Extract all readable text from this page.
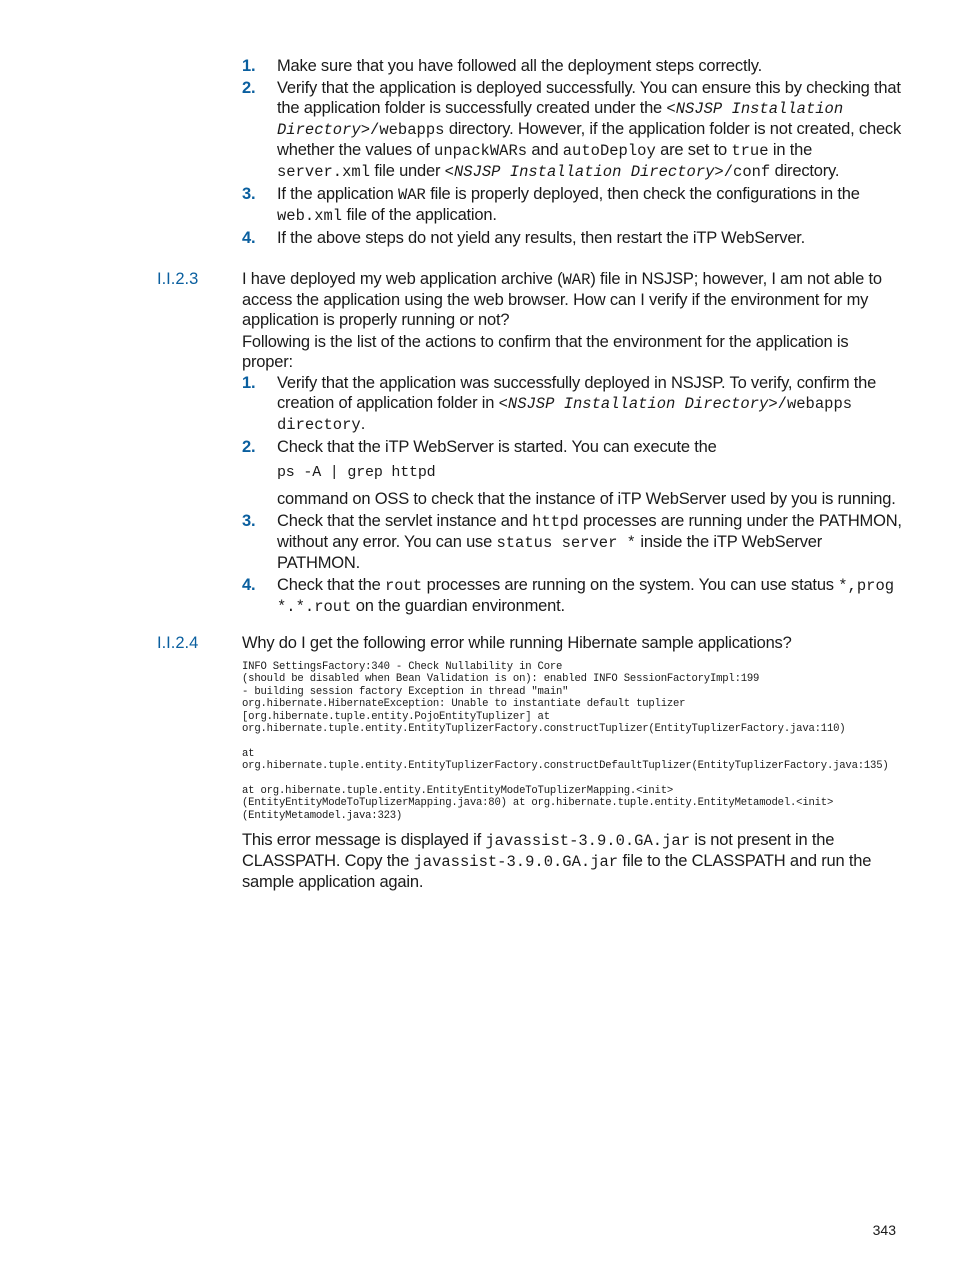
1. Make sure that you have followed all the deployment steps correctly.
2. Verify that the application is deployed successfully. You can ensure this by checking that the application folder is successfully created under the <NSJSP Installation Directory>/webapps directory. However, if the application folder is not created, check whether the values of unpackWARs and autoDeploy are set to true in the server.xml file under <NSJSP Installation Directory>/conf directory.
3. If the application WAR file is properly deployed, then check the configurations in the web.xml file of the application.
4. If the above steps do not yield any results, then restart the iTP WebServer.
I.I.2.3	I have deployed my web application archive (WAR) file in NSJSP; however, I am not able to access the application using the web browser. How can I verify if the environment for my application is properly running or not?

Following is the list of the actions to confirm that the environment for the application is proper:

1. Verify that the application was successfully deployed in NSJSP. To verify, confirm the creation of application folder in <NSJSP Installation Directory>/webapps directory.
2. Check that the iTP WebServer is started. You can execute the
ps -A | grep httpd
command on OSS to check that the instance of iTP WebServer used by you is running.
3. Check that the servlet instance and httpd processes are running under the PATHMON, without any error. You can use status server * inside the iTP WebServer PATHMON.
4. Check that the rout processes are running on the system. You can use status *,prog *.*.rout on the guardian environment.
I.I.2.4	Why do I get the following error while running Hibernate sample applications?

INFO SettingsFactory:340 - Check Nullability in Core
(should be disabled when Bean Validation is on): enabled INFO SessionFactoryImpl:199
- building session factory Exception in thread "main"
org.hibernate.HibernateException: Unable to instantiate default tuplizer
[org.hibernate.tuple.entity.PojoEntityTuplizer] at
org.hibernate.tuple.entity.EntityTuplizerFactory.constructTuplizer(EntityTuplizerFactory.java:110)
at
org.hibernate.tuple.entity.EntityTuplizerFactory.constructDefaultTuplizer(EntityTuplizerFactory.java:135)
at org.hibernate.tuple.entity.EntityEntityModeToTuplizerMapping.<init>
(EntityEntityModeToTuplizerMapping.java:80) at org.hibernate.tuple.entity.EntityMetamodel.<init>
(EntityMetamodel.java:323)

This error message is displayed if javassist-3.9.0.GA.jar is not present in the CLASSPATH. Copy the javassist-3.9.0.GA.jar file to the CLASSPATH and run the sample application again.

343
